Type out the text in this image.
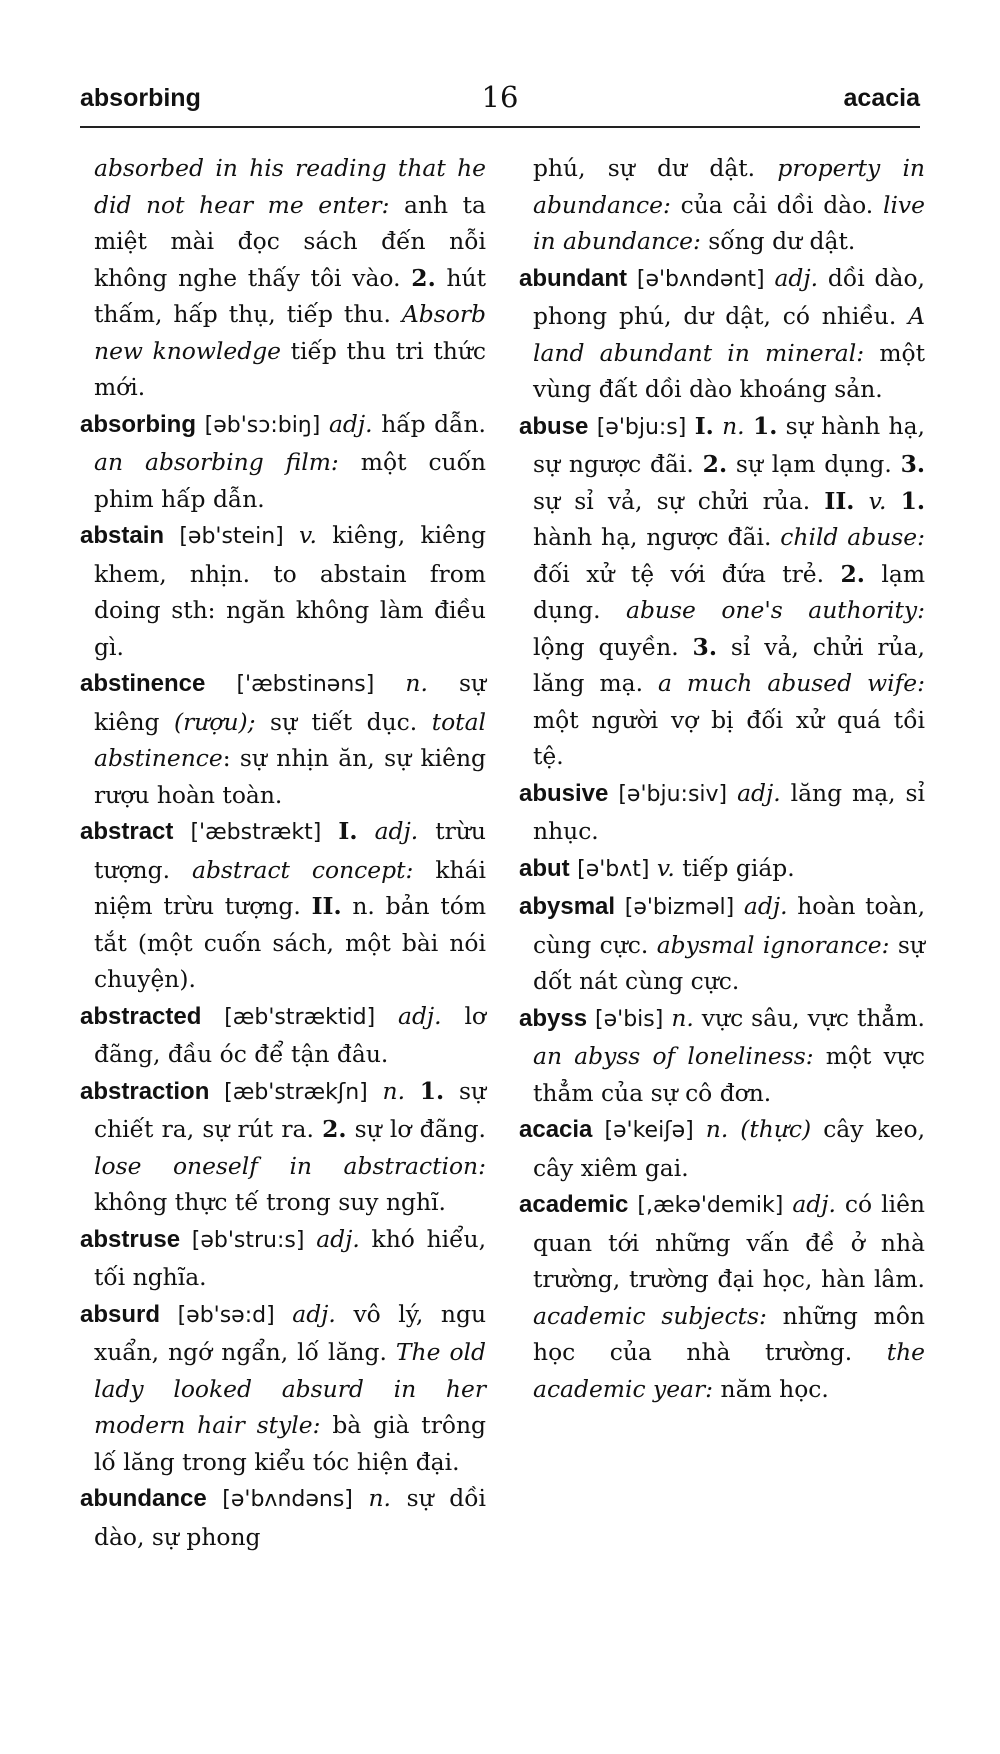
absorbing	16	acacia

absorbed in his reading that he did not hear me enter: anh ta miệt mài đọc sách đến nỗi không nghe thấy tôi vào. 2. hút thấm, hấp thụ, tiếp thu. Absorb new knowledge tiếp thu tri thức mới.

absorbing [əb'sɔ:biŋ] adj. hấp dẫn. an absorbing film: một cuốn phim hấp dẫn.

abstain [əb'stein] v. kiêng, kiêng khem, nhịn. to abstain from doing sth: ngăn không làm điều gì.

abstinence ['æbstinəns] n. sự kiêng (rượu); sự tiết dục. total abstinence: sự nhịn ăn, sự kiêng rượu hoàn toàn.

abstract ['æbstrækt] I. adj. trừu tượng. abstract concept: khái niệm trừu tượng. II. n. bản tóm tắt (một cuốn sách, một bài nói chuyện).

abstracted [æb'stræktid] adj. lơ đãng, đầu óc để tận đâu.

abstraction [æb'strækʃn] n. 1. sự chiết ra, sự rút ra. 2. sự lơ đãng. lose oneself in abstraction: không thực tế trong suy nghĩ.

abstruse [əb'stru:s] adj. khó hiểu, tối nghĩa.

absurd [əb'sə:d] adj. vô lý, ngu xuẩn, ngớ ngẩn, lố lăng. The old lady looked absurd in her modern hair style: bà già trông lố lăng trong kiểu tóc hiện đại.

abundance [ə'bʌndəns] n. sự dồi dào, sự phong

phú, sự dư dật. property in abundance: của cải dồi dào. live in abundance: sống dư dật.

abundant [ə'bʌndənt] adj. dồi dào, phong phú, dư dật, có nhiều. A land abundant in mineral: một vùng đất dồi dào khoáng sản.

abuse [ə'bju:s] I. n. 1. sự hành hạ, sự ngược đãi. 2. sự lạm dụng. 3. sự sỉ vả, sự chửi rủa. II. v. 1. hành hạ, ngược đãi. child abuse: đối xử tệ với đứa trẻ. 2. lạm dụng. abuse one's authority: lộng quyền. 3. sỉ vả, chửi rủa, lăng mạ. a much abused wife: một người vợ bị đối xử quá tồi tệ.

abusive [ə'bju:siv] adj. lăng mạ, sỉ nhục.

abut [ə'bʌt] v. tiếp giáp.

abysmal [ə'bizməl] adj. hoàn toàn, cùng cực. abysmal ignorance: sự dốt nát cùng cực.

abyss [ə'bis] n. vực sâu, vực thẳm. an abyss of loneliness: một vực thẳm của sự cô đơn.

acacia [ə'keiʃə] n. (thực) cây keo, cây xiêm gai.

academic [,ækə'demik] adj. có liên quan tới những vấn đề ở nhà trường, trường đại học, hàn lâm. academic subjects: những môn học của nhà trường. the academic year: năm học.
